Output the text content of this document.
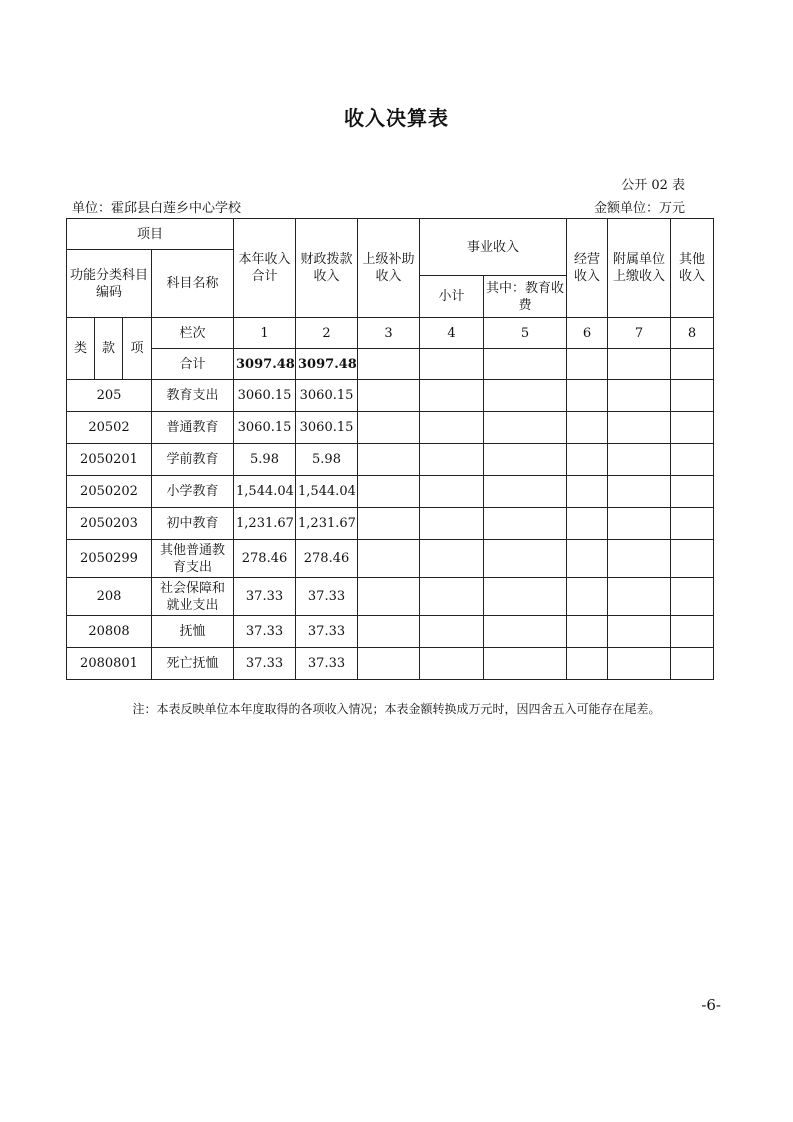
收入决算表
公开 02 表
单位：霍邱县白莲乡中心学校	金额单位：万元
项目				本年收入合计	财政拨款收入	上级补助收入	事业收入		经营收入	附属单位上缴收入	其他收入	
功能分类科目编码			科目名称									
							小计	其中：教育收费				
类	款	项	栏次	1	2	3	4	5	6	7	8	
			合计	3097.48	3097.48							
205			教育支出	3060.15	3060.15							
20502			普通教育	3060.15	3060.15							
2050201			学前教育	5.98	5.98							
2050202			小学教育	1,544.04	1,544.04							
2050203			初中教育	1,231.67	1,231.67							
2050299			其他普通教育支出	278.46	278.46							
208			社会保障和就业支出	37.33	37.33							
20808			抚恤	37.33	37.33							
2080801			死亡抚恤	37.33	37.33							
注：本表反映单位本年度取得的各项收入情况；本表金额转换成万元时，因四舍五入可能存在尾差。
-6-
